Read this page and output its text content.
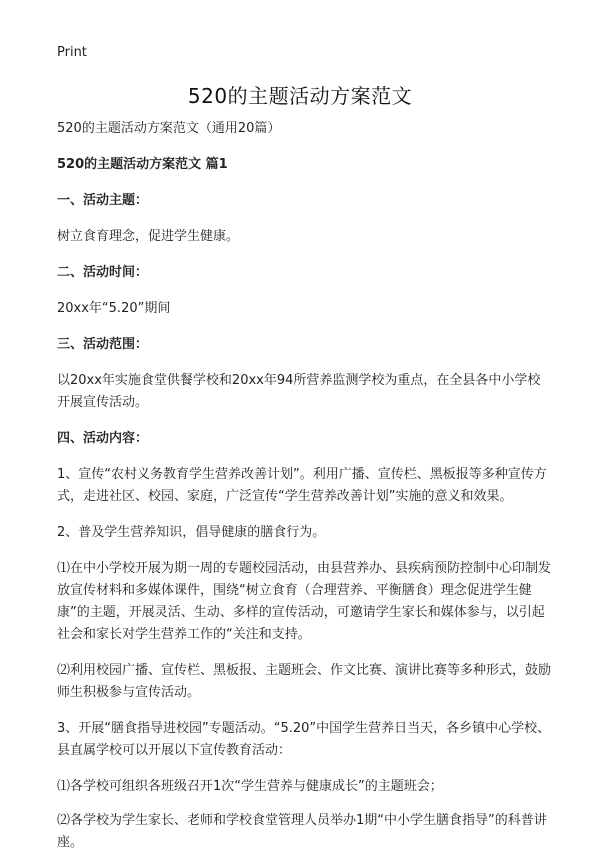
Print
520的主题活动方案范文

520的主题活动方案范文（通用20篇）

520的主题活动方案范文 篇1

一、活动主题：

树立食育理念，促进学生健康。

二、活动时间：

20xx年“5.20”期间

三、活动范围：

以20xx年实施食堂供餐学校和20xx年94所营养监测学校为重点，在全县各中小学校开展宣传活动。

四、活动内容：

1、宣传“农村义务教育学生营养改善计划”。利用广播、宣传栏、黑板报等多种宣传方式，走进社区、校园、家庭，广泛宣传“学生营养改善计划”实施的意义和效果。

2、普及学生营养知识，倡导健康的膳食行为。

⑴在中小学校开展为期一周的专题校园活动，由县营养办、县疾病预防控制中心印制发放宣传材料和多媒体课件，围绕“树立食育（合理营养、平衡膳食）理念促进学生健康”的主题，开展灵活、生动、多样的宣传活动，可邀请学生家长和媒体参与，以引起社会和家长对学生营养工作的“关注和支持。

⑵利用校园广播、宣传栏、黑板报、主题班会、作文比赛、演讲比赛等多种形式，鼓励师生积极参与宣传活动。

3、开展“膳食指导进校园”专题活动。“5.20”中国学生营养日当天，各乡镇中心学校、县直属学校可以开展以下宣传教育活动：

⑴各学校可组织各班级召开1次“学生营养与健康成长”的主题班会；

⑵各学校为学生家长、老师和学校食堂管理人员举办1期“中小学生膳食指导”的科普讲座。
